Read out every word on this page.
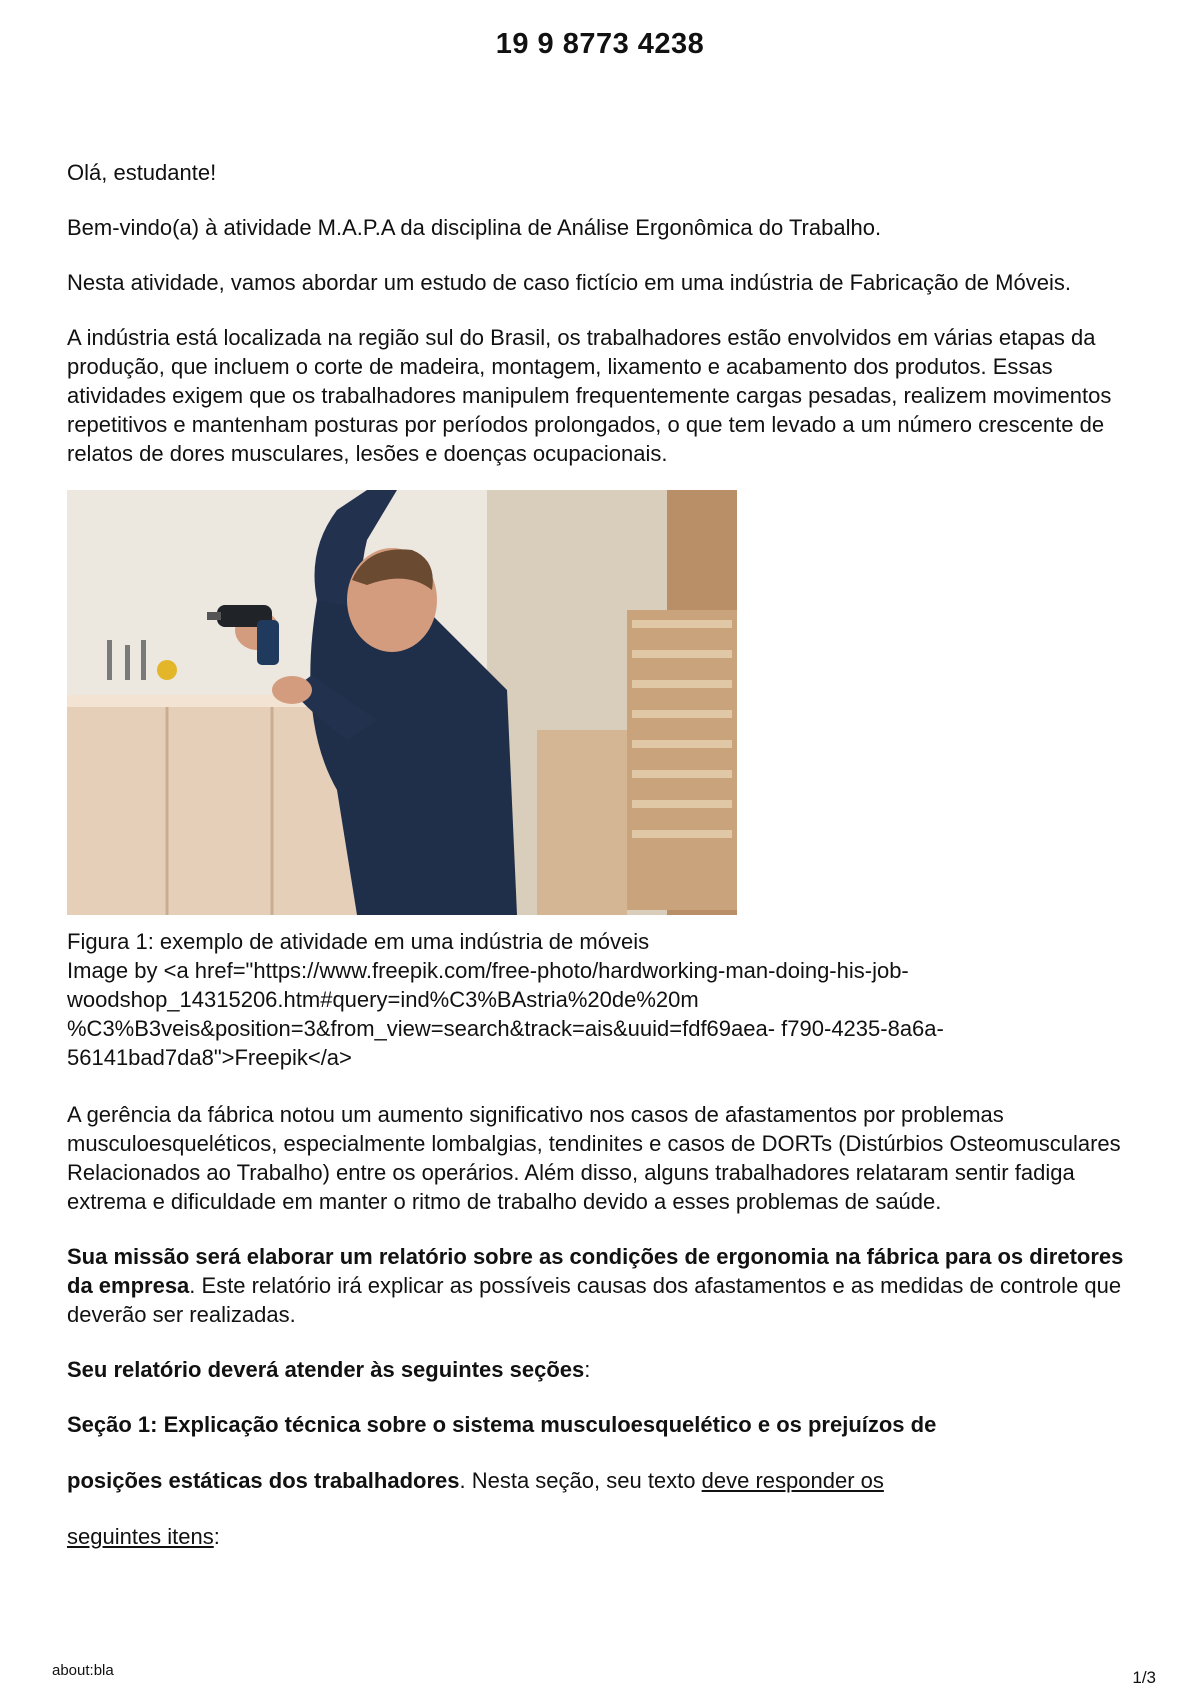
19 9 8773 4238

Olá, estudante!

Bem-vindo(a) à atividade M.A.P.A da disciplina de Análise Ergonômica do Trabalho.

Nesta atividade, vamos abordar um estudo de caso fictício em uma indústria de Fabricação de Móveis.

A indústria está localizada na região sul do Brasil, os trabalhadores estão envolvidos em várias etapas da produção, que incluem o corte de madeira, montagem, lixamento e acabamento dos produtos. Essas atividades exigem que os trabalhadores manipulem frequentemente cargas pesadas, realizem movimentos repetitivos e mantenham posturas por períodos prolongados, o que tem levado a um número crescente de relatos de dores musculares, lesões e doenças ocupacionais.

Figura 1: exemplo de atividade em uma indústria de móveis
Image by <a href="https://www.freepik.com/free-photo/hardworking-man-doing-his-job-
woodshop_14315206.htm#query=ind%C3%BAstria%20de%20m
%C3%B3veis&position=3&from_view=search&track=ais&uuid=fdf69aea- f790-4235-8a6a-
56141bad7da8">Freepik</a>

A gerência da fábrica notou um aumento significativo nos casos de afastamentos por problemas musculoesqueléticos, especialmente lombalgias, tendinites e casos de DORTs (Distúrbios Osteomusculares Relacionados ao Trabalho) entre os operários. Além disso, alguns trabalhadores relataram sentir fadiga extrema e dificuldade em manter o ritmo de trabalho devido a esses problemas de saúde.

Sua missão será elaborar um relatório sobre as condições de ergonomia na fábrica para os diretores da empresa. Este relatório irá explicar as possíveis causas dos afastamentos e as medidas de controle que deverão ser realizadas.

Seu relatório deverá atender às seguintes seções:

Seção 1: Explicação técnica sobre o sistema musculoesquelético e os prejuízos de

posições estáticas dos trabalhadores. Nesta seção, seu texto deve responder os

seguintes itens:

about:bla	1/3
